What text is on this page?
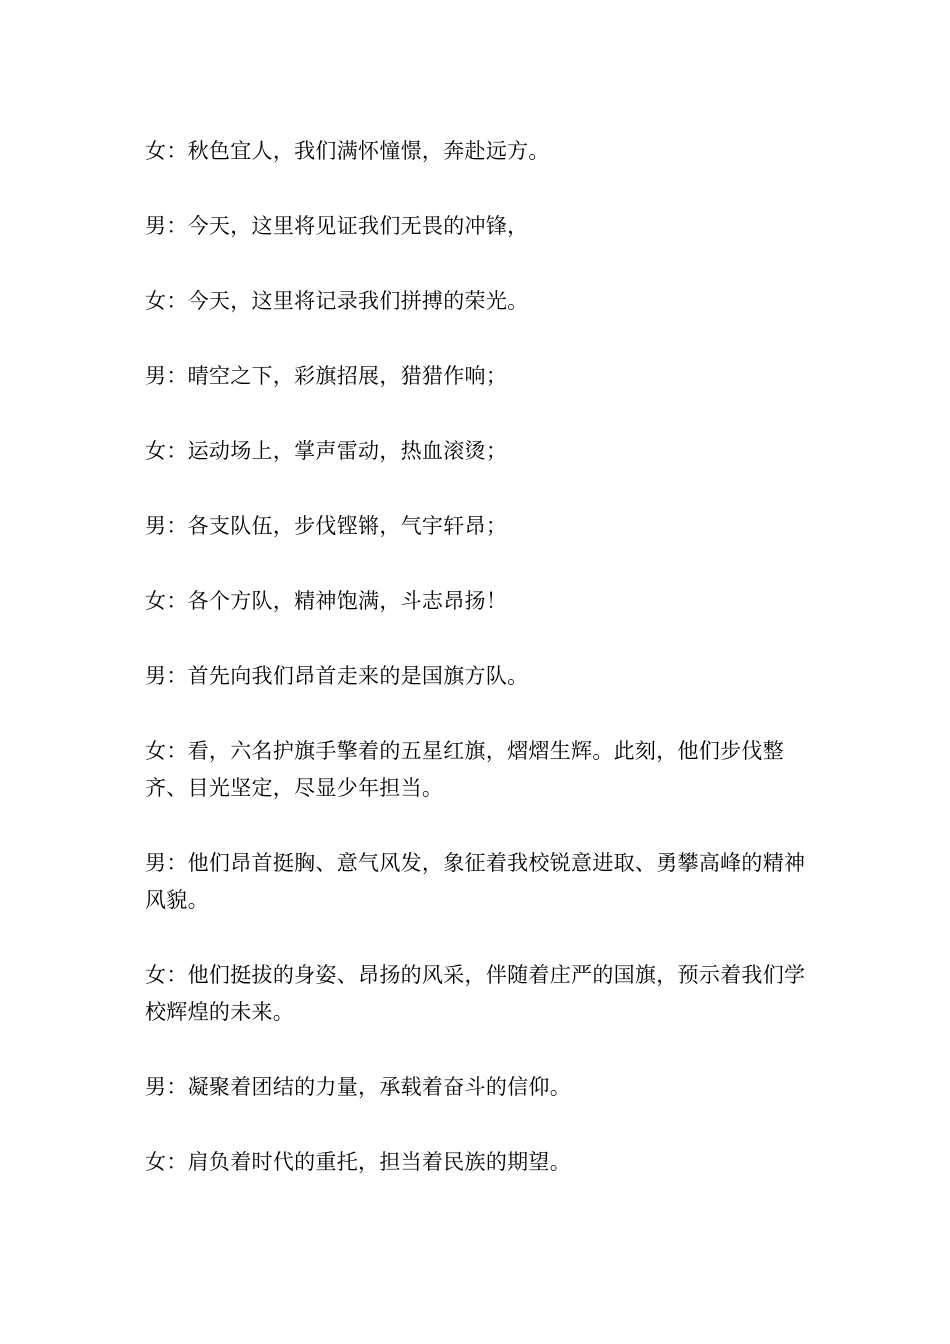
女：秋色宜人，我们满怀憧憬，奔赴远方。

男：今天，这里将见证我们无畏的冲锋，

女：今天，这里将记录我们拼搏的荣光。

男：晴空之下，彩旗招展，猎猎作响；

女：运动场上，掌声雷动，热血滚烫；

男：各支队伍，步伐铿锵，气宇轩昂；

女：各个方队，精神饱满，斗志昂扬！

男：首先向我们昂首走来的是国旗方队。

女：看，六名护旗手擎着的五星红旗，熠熠生辉。此刻，他们步伐整齐、目光坚定，尽显少年担当。

男：他们昂首挺胸、意气风发，象征着我校锐意进取、勇攀高峰的精神风貌。

女：他们挺拔的身姿、昂扬的风采，伴随着庄严的国旗，预示着我们学校辉煌的未来。

男：凝聚着团结的力量，承载着奋斗的信仰。

女：肩负着时代的重托，担当着民族的期望。
